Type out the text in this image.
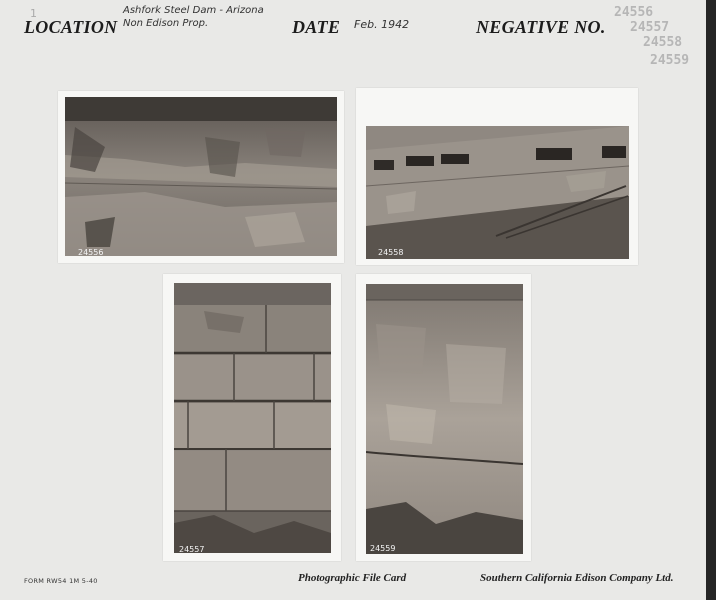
1
LOCATION
Ashfork Steel Dam - Arizona
Non Edison Prop.	DATE Feb. 1942	NEGATIVE NO.
24556
24557
24558
24559
24556	24558
24557	24559
FORM RW54 1M 5-40	Photographic File Card	Southern California Edison Company Ltd.
